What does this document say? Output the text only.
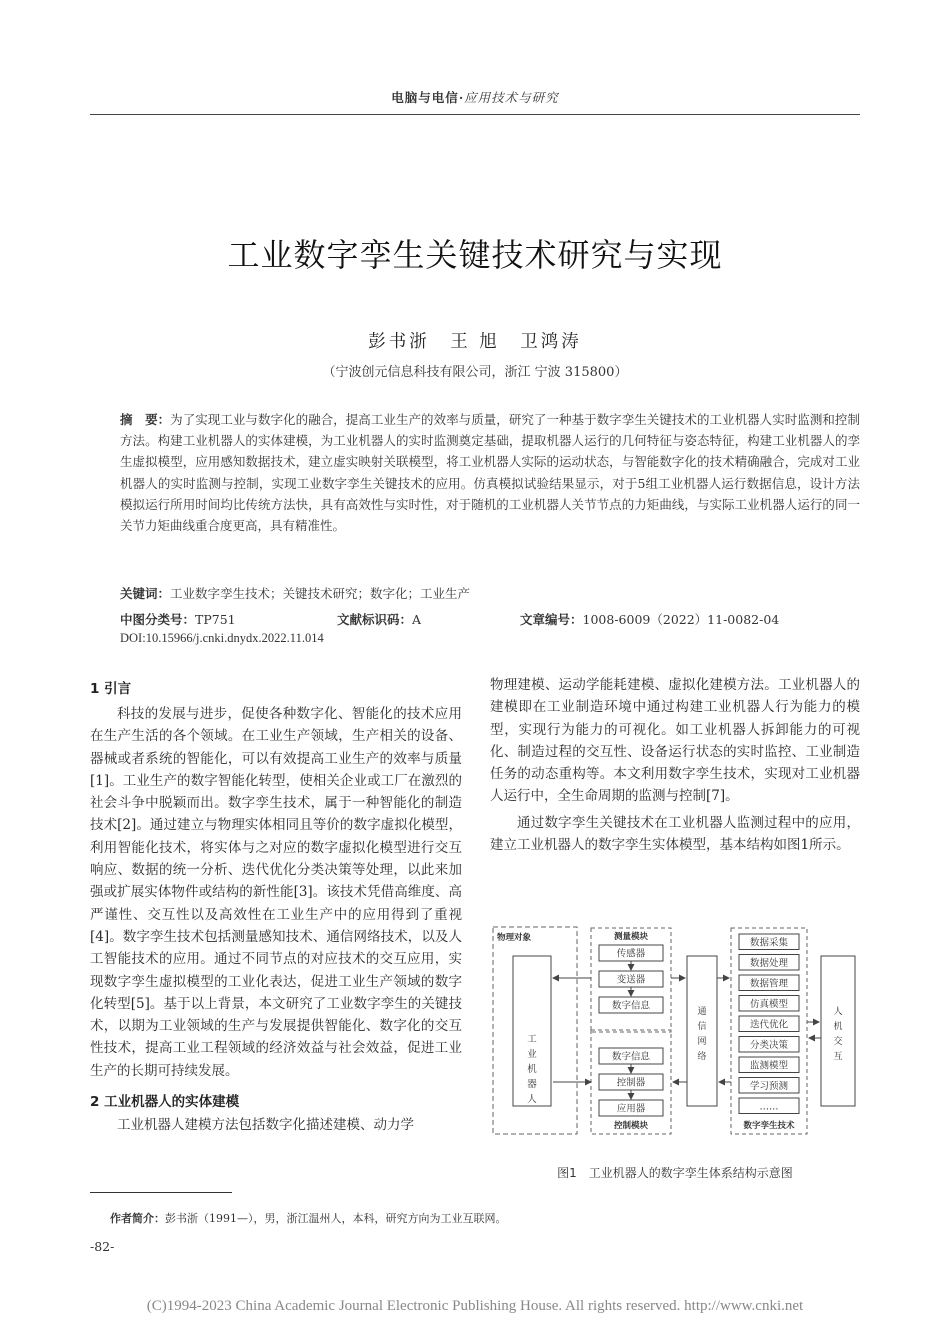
电脑与电信·应用技术与研究
工业数字孪生关键技术研究与实现
彭书浙　王 旭　卫鸿涛
（宁波创元信息科技有限公司，浙江 宁波 315800）
摘　要：为了实现工业与数字化的融合，提高工业生产的效率与质量，研究了一种基于数字孪生关键技术的工业机器人实时监测和控制方法。构建工业机器人的实体建模，为工业机器人的实时监测奠定基础，提取机器人运行的几何特征与姿态特征，构建工业机器人的孪生虚拟模型，应用感知数据技术，建立虚实映射关联模型，将工业机器人实际的运动状态，与智能数字化的技术精确融合，完成对工业机器人的实时监测与控制，实现工业数字孪生关键技术的应用。仿真模拟试验结果显示，对于5组工业机器人运行数据信息，设计方法模拟运行所用时间均比传统方法快，具有高效性与实时性，对于随机的工业机器人关节节点的力矩曲线，与实际工业机器人运行的同一关节力矩曲线重合度更高，具有精准性。
关键词：工业数字孪生技术；关键技术研究；数字化；工业生产
中图分类号：TP751	文献标识码：A	文章编号：1008-6009（2022）11-0082-04
DOI:10.15966/j.cnki.dnydx.2022.11.014
1 引言

科技的发展与进步，促使各种数字化、智能化的技术应用在生产生活的各个领域。在工业生产领域，生产相关的设备、器械或者系统的智能化，可以有效提高工业生产的效率与质量[1]。工业生产的数字智能化转型，使相关企业或工厂在激烈的社会斗争中脱颖而出。数字孪生技术，属于一种智能化的制造技术[2]。通过建立与物理实体相同且等价的数字虚拟化模型，利用智能化技术，将实体与之对应的数字虚拟化模型进行交互响应、数据的统一分析、迭代优化分类决策等处理，以此来加强或扩展实体物件或结构的新性能[3]。该技术凭借高维度、高严谨性、交互性以及高效性在工业生产中的应用得到了重视[4]。数字孪生技术包括测量感知技术、通信网络技术，以及人工智能技术的应用。通过不同节点的对应技术的交互应用，实现数字孪生虚拟模型的工业化表达，促进工业生产领域的数字化转型[5]。基于以上背景，本文研究了工业数字孪生的关键技术，以期为工业领域的生产与发展提供智能化、数字化的交互性技术，提高工业工程领域的经济效益与社会效益，促进工业生产的长期可持续发展。

2 工业机器人的实体建模

工业机器人建模方法包括数字化描述建模、动力学

物理建模、运动学能耗建模、虚拟化建模方法。工业机器人的建模即在工业制造环境中通过构建工业机器人行为能力的模型，实现行为能力的可视化。如工业机器人拆卸能力的可视化、制造过程的交互性、设备运行状态的实时监控、工业制造任务的动态重构等。本文利用数字孪生技术，实现对工业机器人运行中，全生命周期的监测与控制[7]。

通过数字孪生关键技术在工业机器人监测过程中的应用，建立工业机器人的数字孪生实体模型，基本结构如图1所示。

物理对象
工业机器人
测量模块
传感器
变送器
数字信息
数字信息
控制器
应用器
控制模块
通信网络
数据采集
数据处理
数据管理
仿真模型
迭代优化
分类决策
监测模型
学习预测
……
数字孪生技术
人机交互
图1　工业机器人的数字孪生体系结构示意图
作者简介：彭书浙（1991—），男，浙江温州人，本科，研究方向为工业互联网。
-82-
(C)1994-2023 China Academic Journal Electronic Publishing House. All rights reserved. http://www.cnki.net
